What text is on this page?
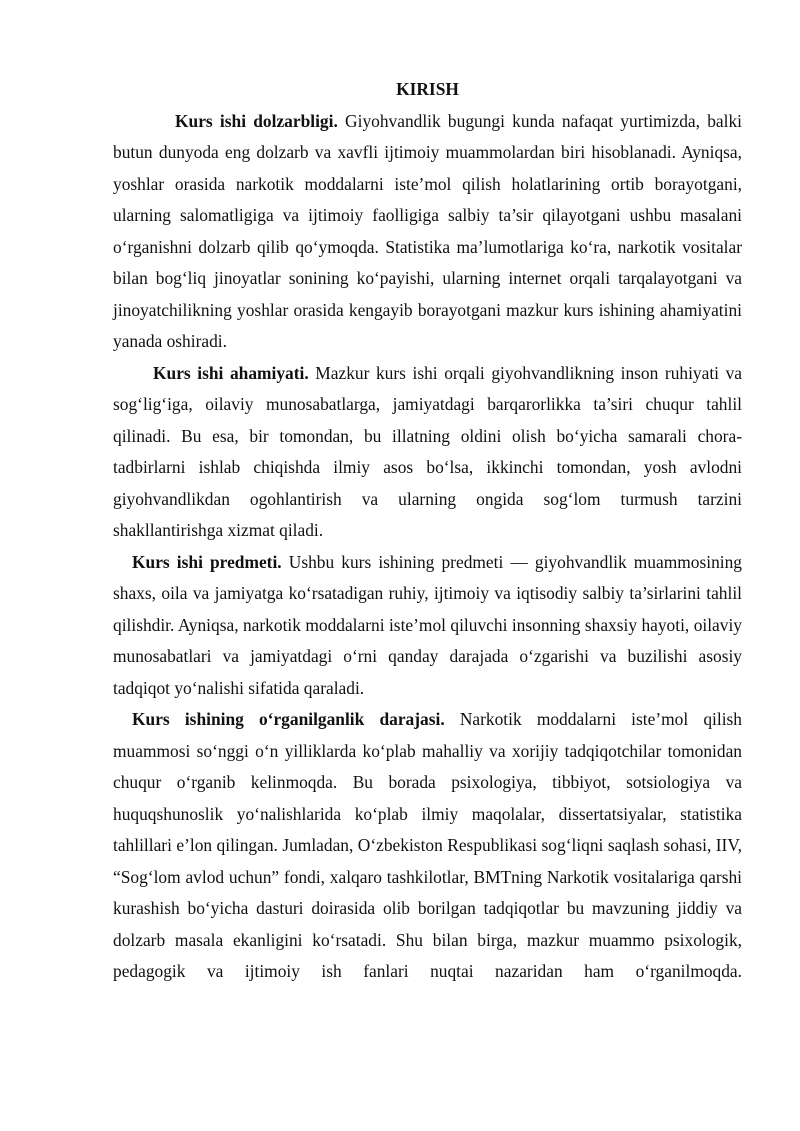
KIRISH

Kurs ishi dolzarbligi. Giyohvandlik bugungi kunda nafaqat yurtimizda, balki butun dunyoda eng dolzarb va xavfli ijtimoiy muammolardan biri hisoblanadi. Ayniqsa, yoshlar orasida narkotik moddalarni iste’mol qilish holatlarining ortib borayotgani, ularning salomatligiga va ijtimoiy faolligiga salbiy ta’sir qilayotgani ushbu masalani o‘rganishni dolzarb qilib qo‘ymoqda. Statistika ma’lumotlariga ko‘ra, narkotik vositalar bilan bog‘liq jinoyatlar sonining ko‘payishi, ularning internet orqali tarqalayotgani va jinoyatchilikning yoshlar orasida kengayib borayotgani mazkur kurs ishining ahamiyatini yanada oshiradi.

Kurs ishi ahamiyati. Mazkur kurs ishi orqali giyohvandlikning inson ruhiyati va sog‘lig‘iga, oilaviy munosabatlarga, jamiyatdagi barqarorlikka ta’siri chuqur tahlil qilinadi. Bu esa, bir tomondan, bu illatning oldini olish bo‘yicha samarali chora-tadbirlarni ishlab chiqishda ilmiy asos bo‘lsa, ikkinchi tomondan, yosh avlodni giyohvandlikdan ogohlantirish va ularning ongida sog‘lom turmush tarzini shakllantirishga xizmat qiladi.

Kurs ishi predmeti. Ushbu kurs ishining predmeti — giyohvandlik muammosining shaxs, oila va jamiyatga ko‘rsatadigan ruhiy, ijtimoiy va iqtisodiy salbiy ta’sirlarini tahlil qilishdir. Ayniqsa, narkotik moddalarni iste’mol qiluvchi insonning shaxsiy hayoti, oilaviy munosabatlari va jamiyatdagi o‘rni qanday darajada o‘zgarishi va buzilishi asosiy tadqiqot yo‘nalishi sifatida qaraladi.

Kurs ishining o‘rganilganlik darajasi. Narkotik moddalarni iste’mol qilish muammosi so‘nggi o‘n yilliklarda ko‘plab mahalliy va xorijiy tadqiqotchilar tomonidan chuqur o‘rganib kelinmoqda. Bu borada psixologiya, tibbiyot, sotsiologiya va huquqshunoslik yo‘nalishlarida ko‘plab ilmiy maqolalar, dissertatsiyalar, statistika tahlillari e’lon qilingan. Jumladan, O‘zbekiston Respublikasi sog‘liqni saqlash sohasi, IIV, “Sog‘lom avlod uchun” fondi, xalqaro tashkilotlar, BMTning Narkotik vositalariga qarshi kurashish bo‘yicha dasturi doirasida olib borilgan tadqiqotlar bu mavzuning jiddiy va dolzarb masala ekanligini ko‘rsatadi. Shu bilan birga, mazkur muammo psixologik, pedagogik va ijtimoiy ish fanlari nuqtai nazaridan ham o‘rganilmoqda.
